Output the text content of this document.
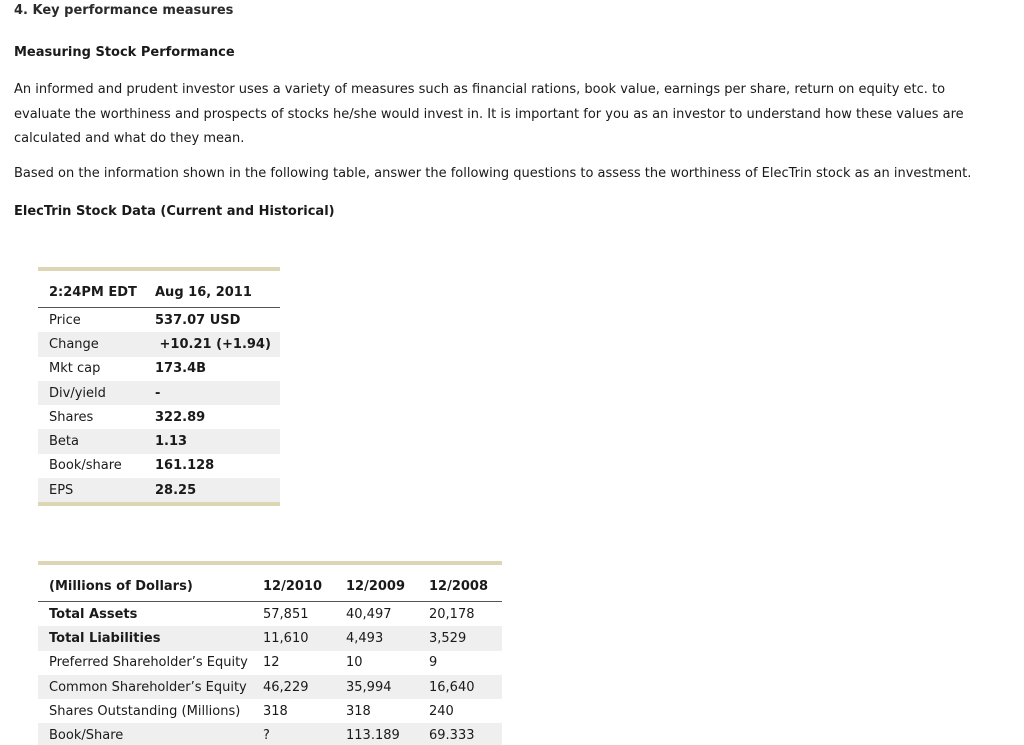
4. Key performance measures
Measuring Stock Performance

An informed and prudent investor uses a variety of measures such as financial rations, book value, earnings per share, return on equity etc. to evaluate the worthiness and prospects of stocks he/she would invest in. It is important for you as an investor to understand how these values are calculated and what do they mean.

Based on the information shown in the following table, answer the following questions to assess the worthiness of ElecTrin stock as an investment.

ElecTrin Stock Data (Current and Historical)
2:24PM EDT	Aug 16, 2011
Price	537.07 USD
Change	+10.21 (+1.94)
Mkt cap	173.4B
Div/yield	-
Shares	322.89
Beta	1.13
Book/share	161.128
EPS	28.25
(Millions of Dollars)	12/2010	12/2009	12/2008
Total Assets	57,851	40,497	20,178
Total Liabilities	11,610	4,493	3,529
Preferred Shareholder’s Equity	12	10	9
Common Shareholder’s Equity	46,229	35,994	16,640
Shares Outstanding (Millions)	318	318	240
Book/Share	?	113.189	69.333
